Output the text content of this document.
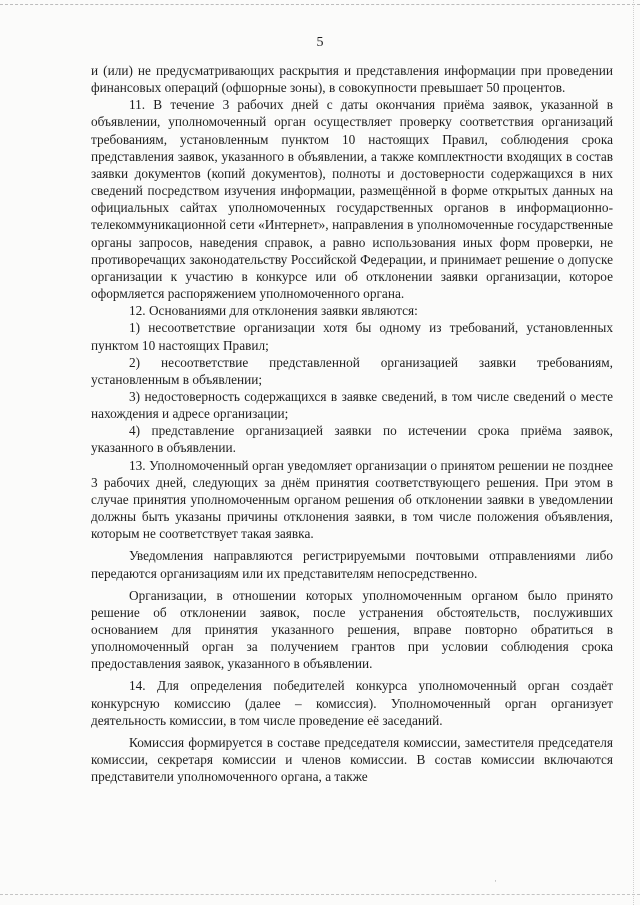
5

и (или) не предусматривающих раскрытия и представления информации при проведении финансовых операций (офшорные зоны), в совокупности превышает 50 процентов.

11. В течение 3 рабочих дней с даты окончания приёма заявок, указанной в объявлении, уполномоченный орган осуществляет проверку соответствия организаций требованиям, установленным пунктом 10 настоящих Правил, соблюдения срока представления заявок, указанного в объявлении, а также комплектности входящих в состав заявки документов (копий документов), полноты и достоверности содержащихся в них сведений посредством изучения информации, размещённой в форме открытых данных на официальных сайтах уполномоченных государственных органов в информационно-телекоммуникационной сети «Интернет», направления в уполномоченные государственные органы запросов, наведения справок, а равно использования иных форм проверки, не противоречащих законодательству Российской Федерации, и принимает решение о допуске организации к участию в конкурсе или об отклонении заявки организации, которое оформляется распоряжением уполномоченного органа.

12. Основаниями для отклонения заявки являются:

1) несоответствие организации хотя бы одному из требований, установленных пунктом 10 настоящих Правил;

2) несоответствие представленной организацией заявки требованиям, установленным в объявлении;

3) недостоверность содержащихся в заявке сведений, в том числе сведений о месте нахождения и адресе организации;

4) представление организацией заявки по истечении срока приёма заявок, указанного в объявлении.

13. Уполномоченный орган уведомляет организации о принятом решении не позднее 3 рабочих дней, следующих за днём принятия соответствующего решения. При этом в случае принятия уполномоченным органом решения об отклонении заявки в уведомлении должны быть указаны причины отклонения заявки, в том числе положения объявления, которым не соответствует такая заявка.

Уведомления направляются регистрируемыми почтовыми отправлениями либо передаются организациям или их представителям непосредственно.

Организации, в отношении которых уполномоченным органом было принято решение об отклонении заявок, после устранения обстоятельств, послуживших основанием для принятия указанного решения, вправе повторно обратиться в уполномоченный орган за получением грантов при условии соблюдения срока предоставления заявок, указанного в объявлении.

14. Для определения победителей конкурса уполномоченный орган создаёт конкурсную комиссию (далее – комиссия). Уполномоченный орган организует деятельность комиссии, в том числе проведение её заседаний.

Комиссия формируется в составе председателя комиссии, заместителя председателя комиссии, секретаря комиссии и членов комиссии. В состав комиссии включаются представители уполномоченного органа, а также

·
